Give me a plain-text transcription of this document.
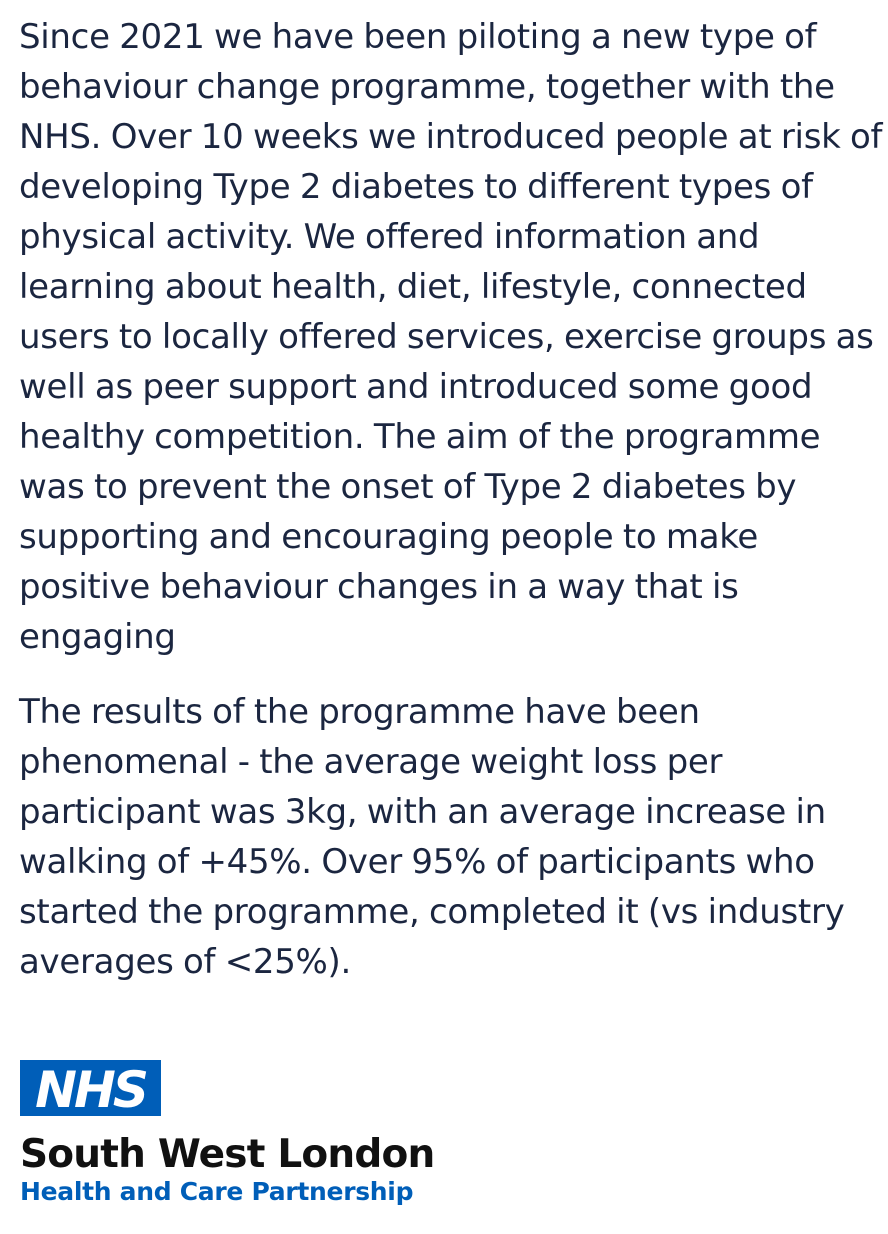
Since 2021 we have been piloting a new type of behaviour change programme, together with the NHS. Over 10 weeks we introduced people at risk of developing Type 2 diabetes to different types of physical activity. We offered information and learning about health, diet, lifestyle, connected users to locally offered services, exercise groups as well as peer support and introduced some good healthy competition. The aim of the programme was to prevent the onset of Type 2 diabetes by supporting and encouraging people to make positive behaviour changes in a way that is engaging

The results of the programme have been phenomenal - the average weight loss per participant was 3kg, with an average increase in walking of +45%. Over 95% of participants who started the programme, completed it (vs industry averages of <25%).

NHS

South West London

Health and Care Partnership
